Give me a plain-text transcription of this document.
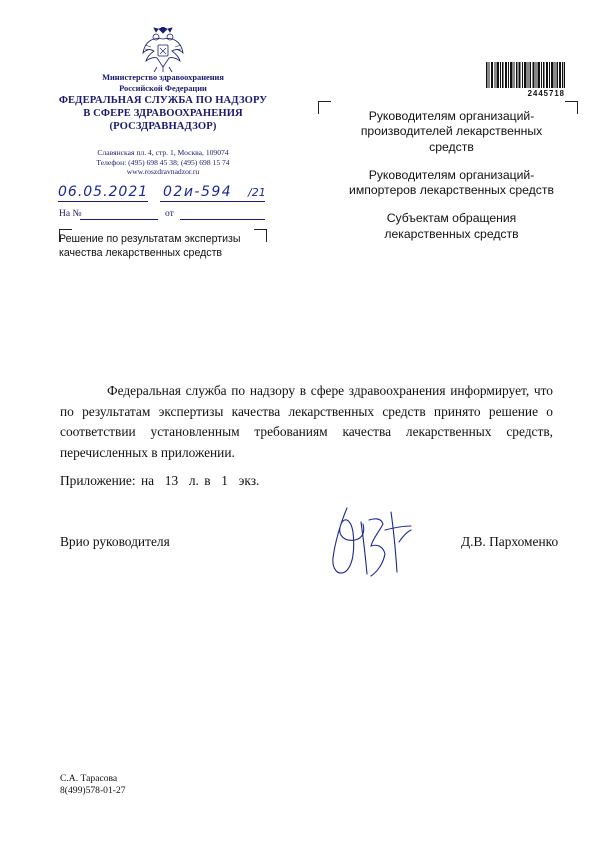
Министерство здравоохранения
Российской Федерации
ФЕДЕРАЛЬНАЯ СЛУЖБА ПО НАДЗОРУ
В СФЕРЕ ЗДРАВООХРАНЕНИЯ
(РОСЗДРАВНАДЗОР)
Славянская пл. 4, стр. 1, Москва, 109074
Телефон: (495) 698 45 38; (495) 698 15 74
www.roszdravnadzor.ru
06.05.2021 02и-594 /21
На №	от
Решение по результатам экспертизы
качества лекарственных средств
2445718

Руководителям организаций-производителей лекарственных средств

Руководителям организаций-импортеров лекарственных средств

Субъектам обращения лекарственных средств

Федеральная служба по надзору в сфере здравоохранения информирует, что по результатам экспертизы качества лекарственных средств принято решение о соответствии установленным требованиям качества лекарственных средств, перечисленных в приложении.

Приложение: на  13  л. в  1  экз.
Врио руководителя	Д.В. Пархоменко
С.А. Тарасова
8(499)578-01-27
